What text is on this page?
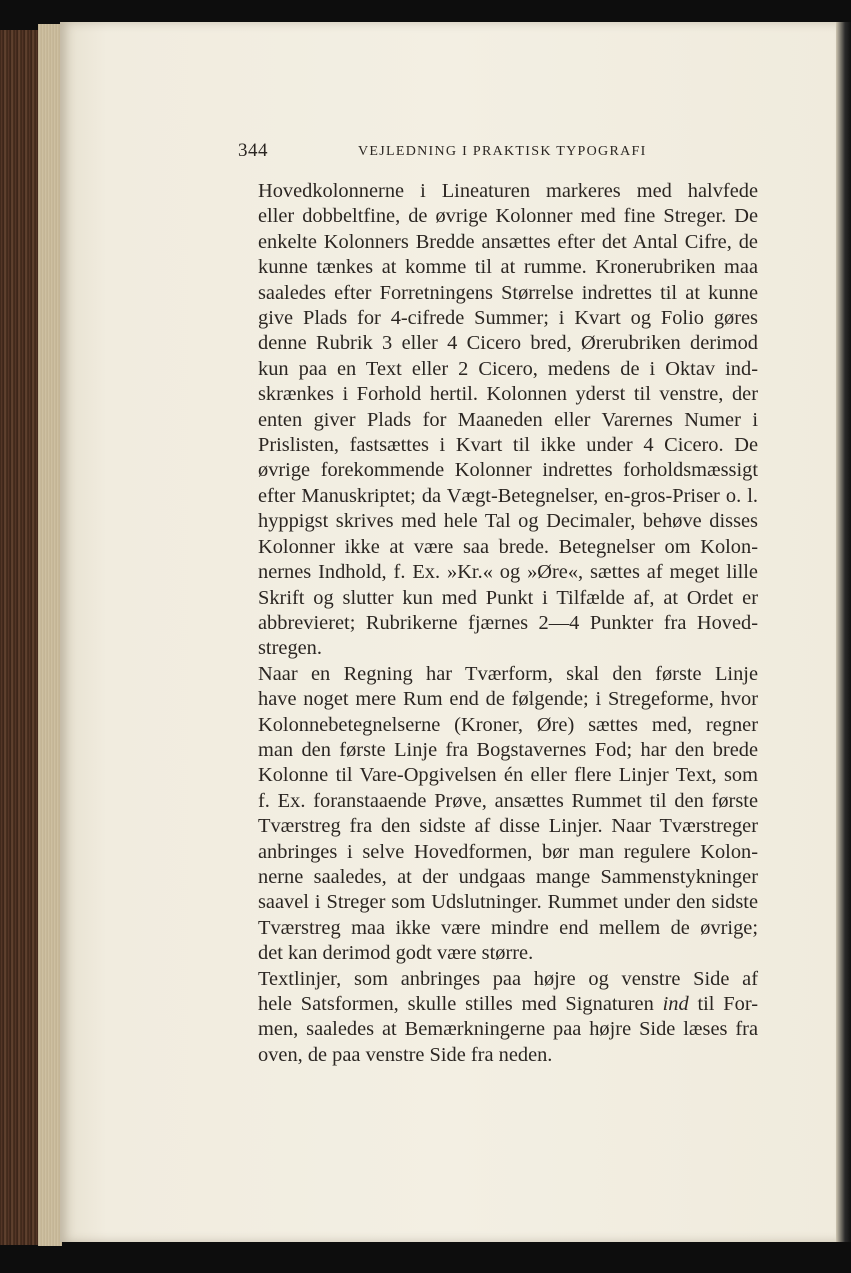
344	VEJLEDNING I PRAKTISK TYPOGRAFI

Hovedkolonnerne i Lineaturen markeres med halvfede
eller dobbeltfine, de øvrige Kolonner med fine Streger. De
enkelte Kolonners Bredde ansættes efter det Antal Cifre, de
kunne tænkes at komme til at rumme. Kronerubriken maa
saaledes efter Forretningens Størrelse indrettes til at kunne
give Plads for 4-cifrede Summer; i Kvart og Folio gøres
denne Rubrik 3 eller 4 Cicero bred, Ørerubriken derimod
kun paa en Text eller 2 Cicero, medens de i Oktav ind-
skrænkes i Forhold hertil. Kolonnen yderst til venstre, der
enten giver Plads for Maaneden eller Varernes Numer i
Prislisten, fastsættes i Kvart til ikke under 4 Cicero. De
øvrige forekommende Kolonner indrettes forholdsmæssigt
efter Manuskriptet; da Vægt-Betegnelser, en-gros-Priser o. l.
hyppigst skrives med hele Tal og Decimaler, behøve disses
Kolonner ikke at være saa brede. Betegnelser om Kolon-
nernes Indhold, f. Ex. »Kr.« og »Øre«, sættes af meget lille
Skrift og slutter kun med Punkt i Tilfælde af, at Ordet er
abbrevieret; Rubrikerne fjærnes 2—4 Punkter fra Hoved-
stregen.

Naar en Regning har Tværform, skal den første Linje
have noget mere Rum end de følgende; i Stregeforme, hvor
Kolonnebetegnelserne (Kroner, Øre) sættes med, regner
man den første Linje fra Bogstavernes Fod; har den brede
Kolonne til Vare-Opgivelsen én eller flere Linjer Text, som
f. Ex. foranstaaende Prøve, ansættes Rummet til den første
Tværstreg fra den sidste af disse Linjer. Naar Tværstreger
anbringes i selve Hovedformen, bør man regulere Kolon-
nerne saaledes, at der undgaas mange Sammenstykninger
saavel i Streger som Udslutninger. Rummet under den sidste
Tværstreg maa ikke være mindre end mellem de øvrige;
det kan derimod godt være større.

Textlinjer, som anbringes paa højre og venstre Side af
hele Satsformen, skulle stilles med Signaturen ind til For-
men, saaledes at Bemærkningerne paa højre Side læses fra
oven, de paa venstre Side fra neden.
